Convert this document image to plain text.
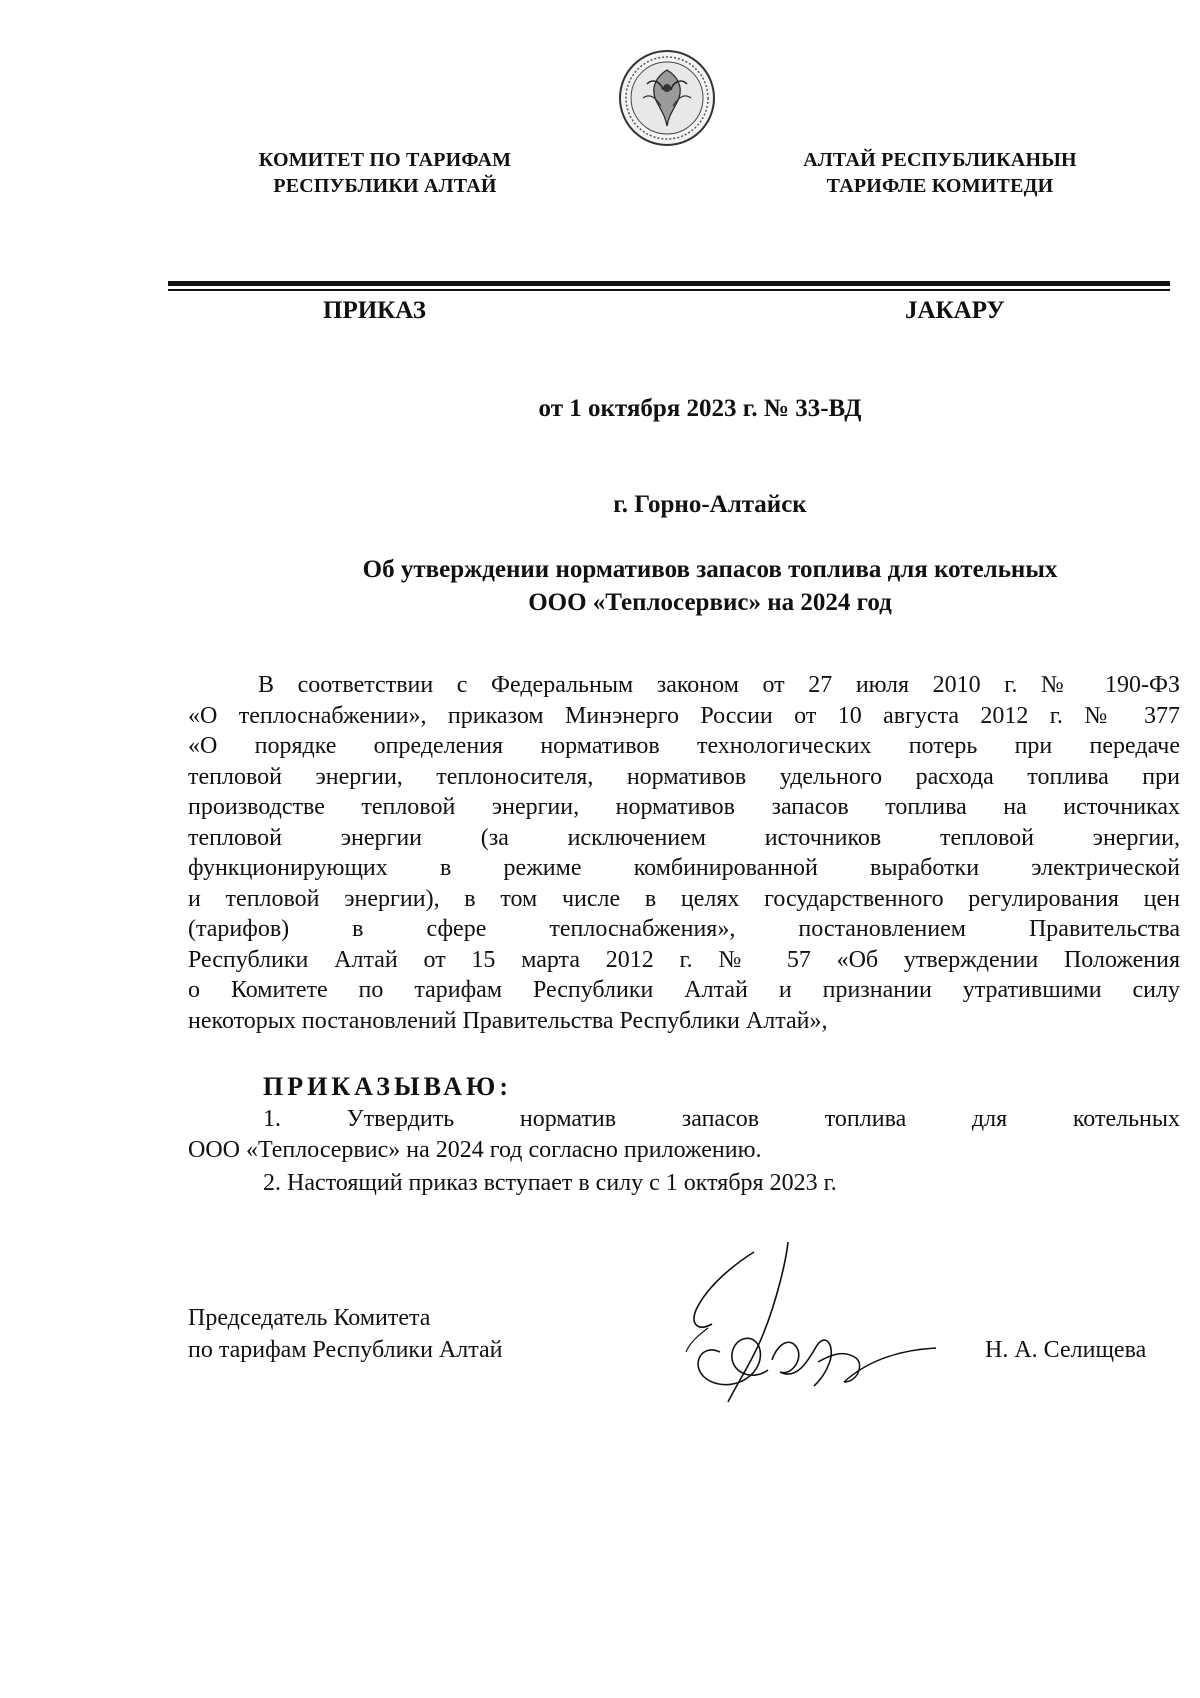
КОМИТЕТ ПО ТАРИФАМ
РЕСПУБЛИКИ АЛТАЙ
АЛТАЙ РЕСПУБЛИКАНЫН
ТАРИФЛЕ КОМИТЕДИ
ПРИКАЗ	JАКАРУ
от 1 октября 2023 г. № 33-ВД
г. Горно-Алтайск
Об утверждении нормативов запасов топлива для котельных
ООО «Теплосервис» на 2024 год
В соответствии с Федеральным законом от 27 июля 2010 г. № 190-ФЗ
«О теплоснабжении», приказом Минэнерго России от 10 августа 2012 г. № 377
«О порядке определения нормативов технологических потерь при передаче
тепловой энергии, теплоносителя, нормативов удельного расхода топлива при
производстве тепловой энергии, нормативов запасов топлива на источниках
тепловой энергии (за исключением источников тепловой энергии,
функционирующих в режиме комбинированной выработки электрической
и тепловой энергии), в том числе в целях государственного регулирования цен
(тарифов) в сфере теплоснабжения», постановлением Правительства
Республики Алтай от 15 марта 2012 г. № 57 «Об утверждении Положения
о Комитете по тарифам Республики Алтай и признании утратившими силу
некоторых постановлений Правительства Республики Алтай»,
ПРИКАЗЫВАЮ:
1. Утвердить норматив запасов топлива для котельных
ООО «Теплосервис» на 2024 год согласно приложению.
2. Настоящий приказ вступает в силу с 1 октября 2023 г.
Председатель Комитета
по тарифам Республики Алтай	Н. А. Селищева
